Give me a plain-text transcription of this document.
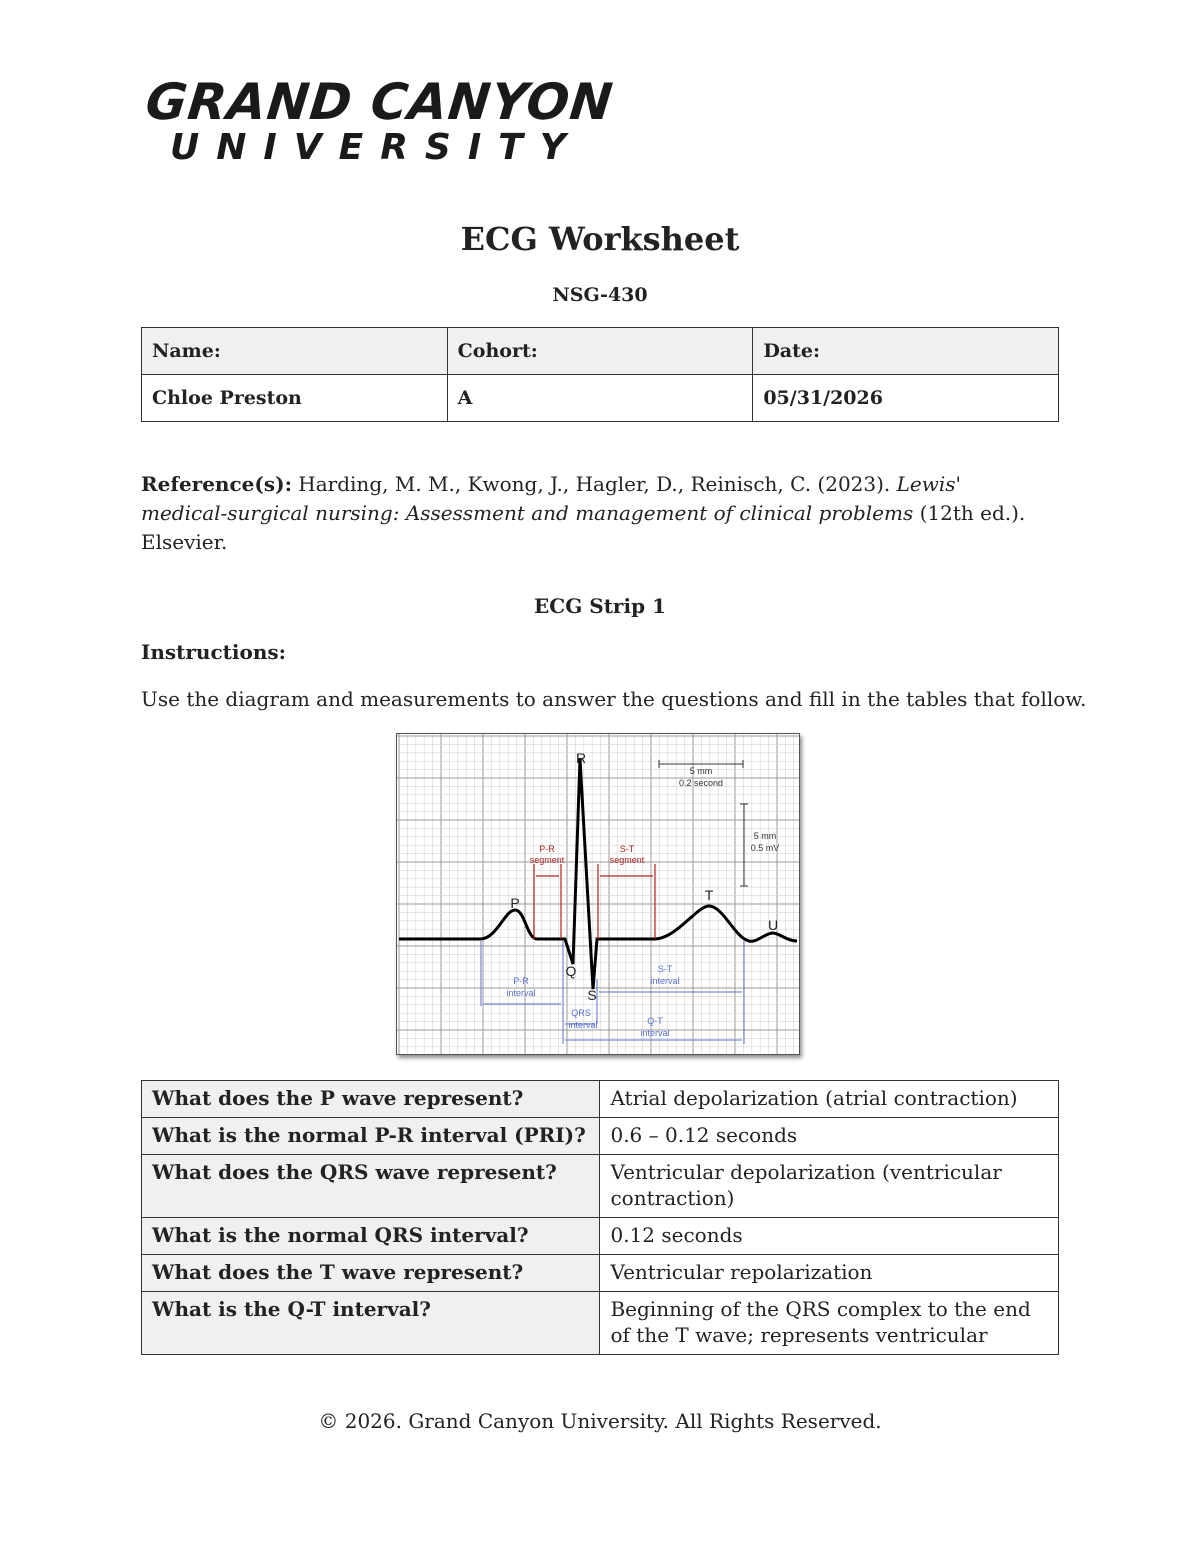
GRAND CANYON
UNIVERSITY
ECG Worksheet
NSG-430
Name:	Cohort:	Date:
Chloe Preston	A	05/31/2026
Reference(s): Harding, M. M., Kwong, J., Hagler, D., Reinisch, C. (2023). Lewis' medical-surgical nursing: Assessment and management of clinical problems (12th ed.). Elsevier.
ECG Strip 1
Instructions:
Use the diagram and measurements to answer the questions and fill in the tables that follow.
P-R
segment
S-T
segment
P-R
interval
QRS
interval
S-T
interval
Q-T
interval
5 mm
0.2 second
5 mm
0.5 mV
R
P
Q
S
T
U
What does the P wave represent?	Atrial depolarization (atrial contraction)
What is the normal P-R interval (PRI)?	0.6 – 0.12 seconds
What does the QRS wave represent?	Ventricular depolarization (ventricular contraction)
What is the normal QRS interval?	0.12 seconds
What does the T wave represent?	Ventricular repolarization
What is the Q-T interval?	Beginning of the QRS complex to the end of the T wave; represents ventricular
© 2026. Grand Canyon University. All Rights Reserved.
